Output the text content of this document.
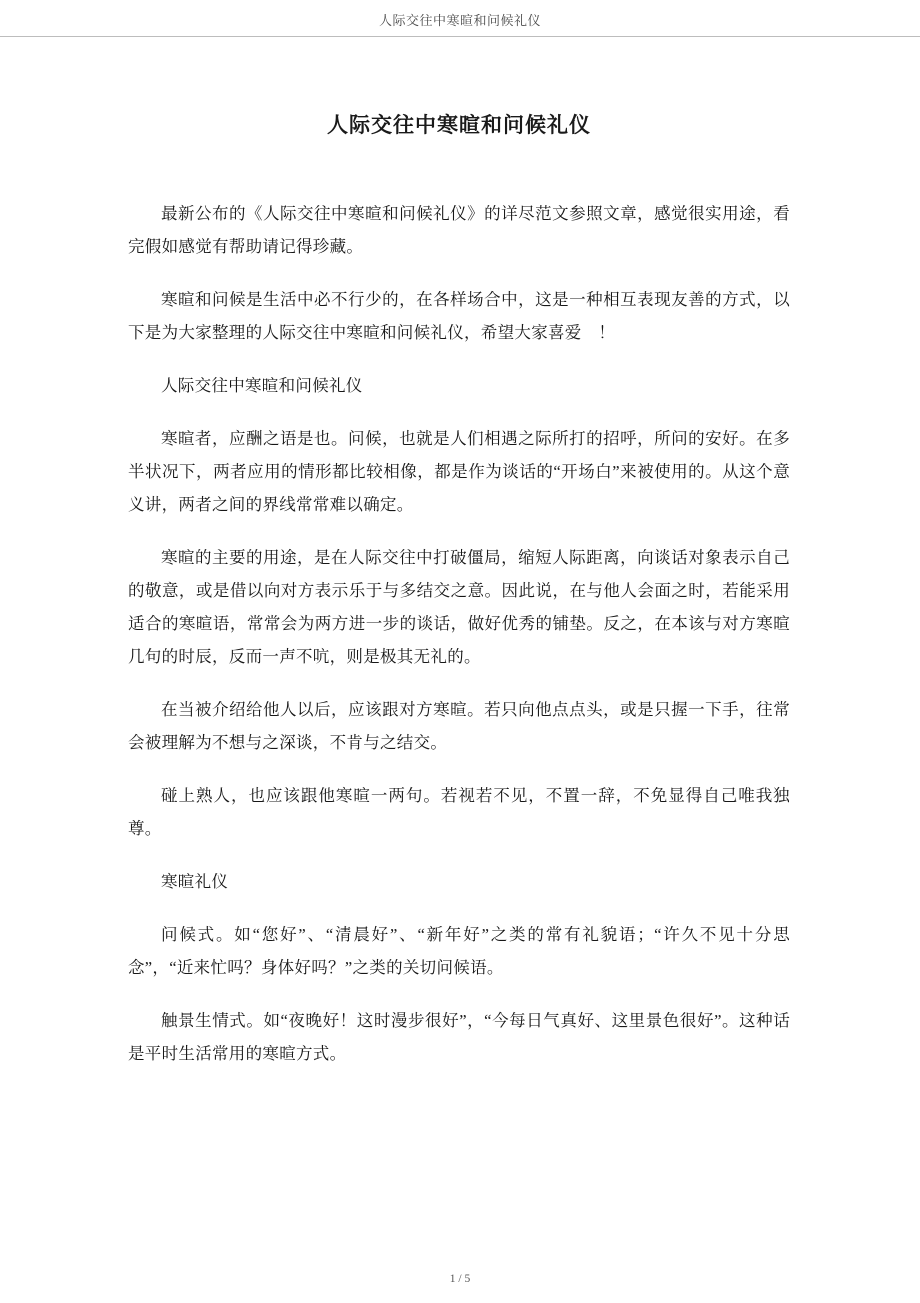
人际交往中寒暄和问候礼仪
人际交往中寒暄和问候礼仪

最新公布的《人际交往中寒暄和问候礼仪》的详尽范文参照文章，感觉很实用途，看完假如感觉有帮助请记得珍藏。

寒暄和问候是生活中必不行少的，在各样场合中，这是一种相互表现友善的方式，以下是为大家整理的人际交往中寒暄和问候礼仪，希望大家喜爱　！

人际交往中寒暄和问候礼仪

寒暄者，应酬之语是也。问候，也就是人们相遇之际所打的招呼，所问的安好。在多半状况下，两者应用的情形都比较相像，都是作为谈话的“开场白”来被使用的。从这个意义讲，两者之间的界线常常难以确定。

寒暄的主要的用途，是在人际交往中打破僵局，缩短人际距离，向谈话对象表示自己的敬意，或是借以向对方表示乐于与多结交之意。因此说，在与他人会面之时，若能采用适合的寒暄语，常常会为两方进一步的谈话，做好优秀的铺垫。反之，在本该与对方寒暄几句的时辰，反而一声不吭，则是极其无礼的。

在当被介绍给他人以后，应该跟对方寒暄。若只向他点点头，或是只握一下手，往常会被理解为不想与之深谈，不肯与之结交。

碰上熟人，也应该跟他寒暄一两句。若视若不见，不置一辞，不免显得自己唯我独尊。

寒暄礼仪

问候式。如“您好”、“清晨好”、“新年好”之类的常有礼貌语；“许久不见十分思念”，“近来忙吗？身体好吗？”之类的关切问候语。

触景生情式。如“夜晚好！这时漫步很好”，“今每日气真好、这里景色很好”。这种话是平时生活常用的寒暄方式。

1 / 5
